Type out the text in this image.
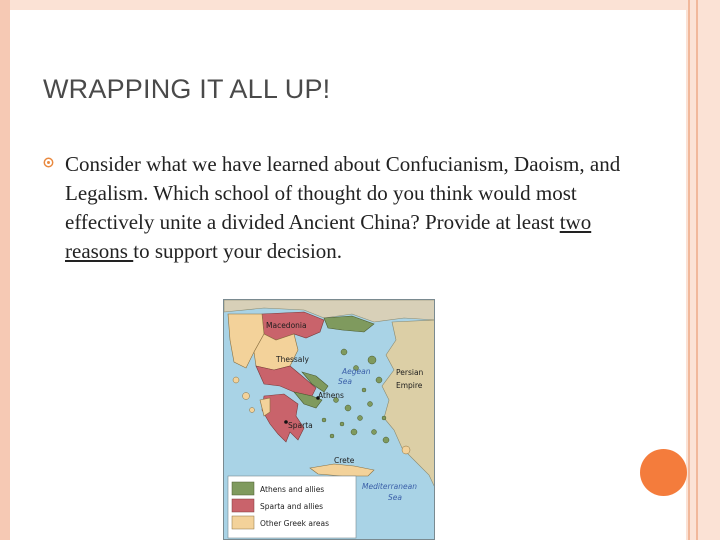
WRAPPING IT ALL UP!

Consider what we have learned about Confucianism, Daoism, and Legalism. Which school of thought do you think would most effectively unite a divided Ancient China? Provide at least two reasons to support your decision.

Macedonia
Thessaly
Athens
Sparta
Crete
Persian
Empire
Aegean
Sea
Mediterranean
Sea
Athens and allies
Sparta and allies
Other Greek areas
